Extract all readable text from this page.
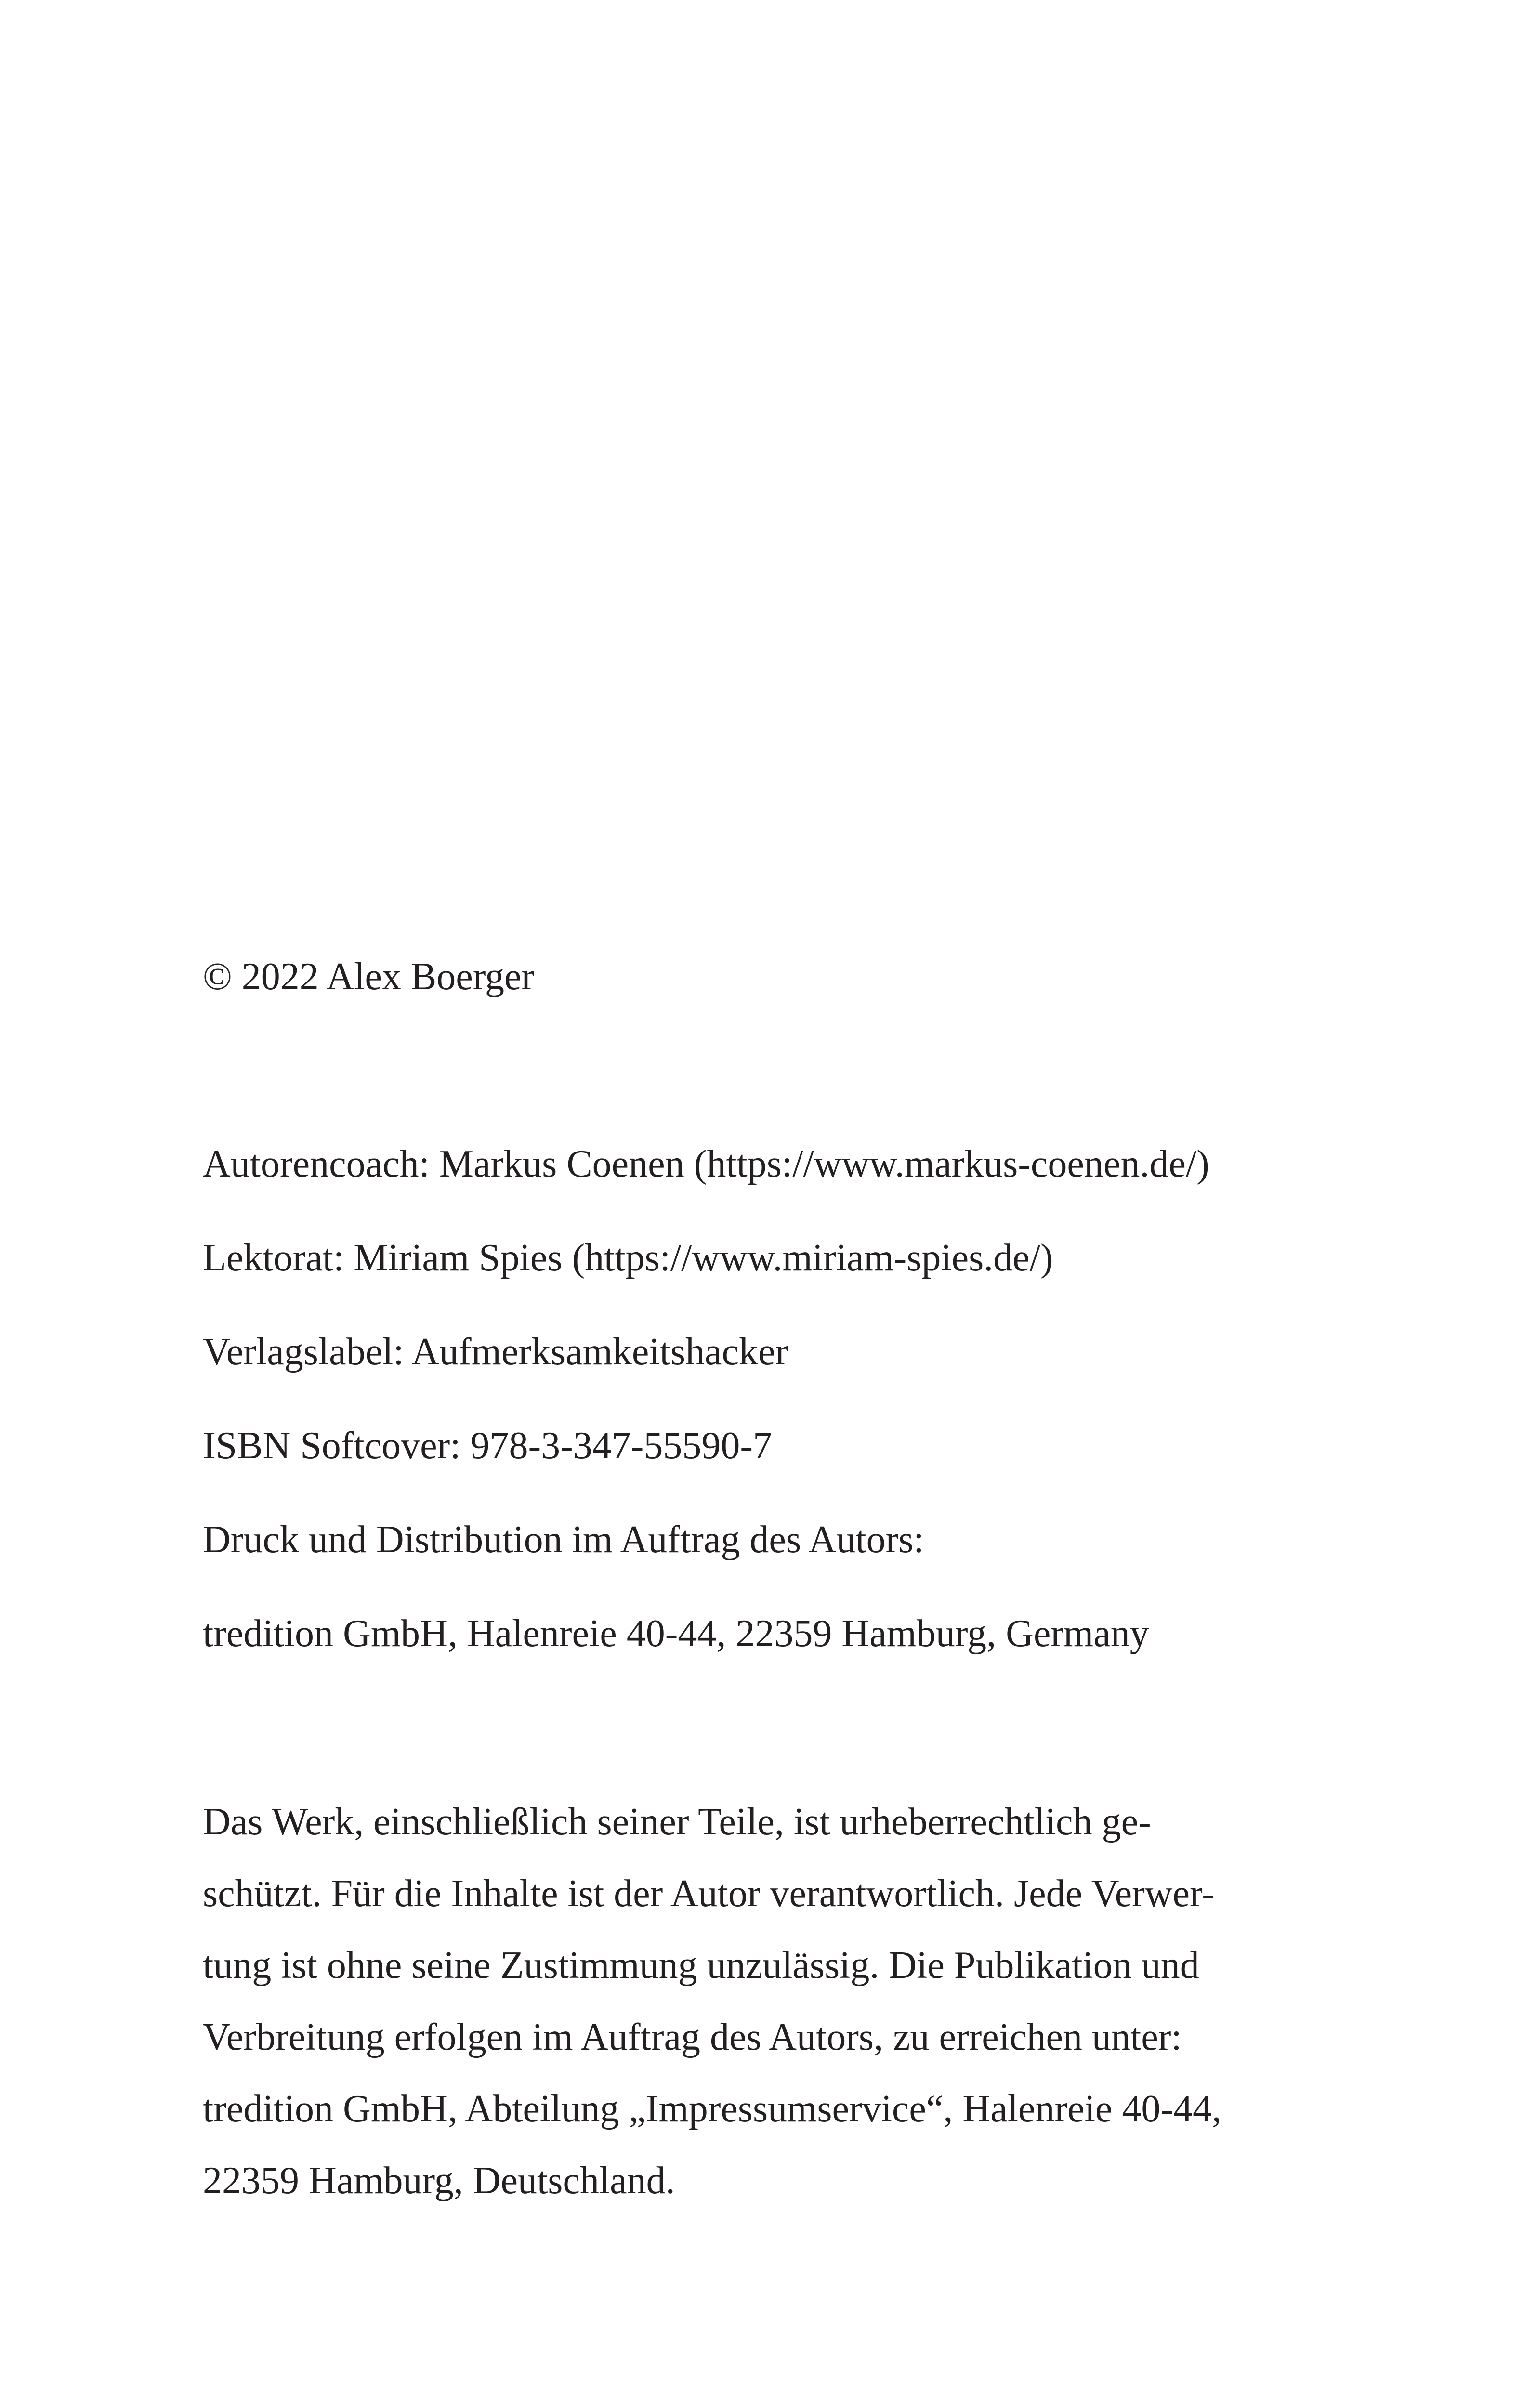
© 2022 Alex Boerger
Autorencoach: Markus Coenen (https://www.markus-coenen.de/)
Lektorat: Miriam Spies (https://www.miriam-spies.de/)
Verlagslabel: Aufmerksamkeitshacker
ISBN Softcover: 978-3-347-55590-7
Druck und Distribution im Auftrag des Autors:
tredition GmbH, Halenreie 40-44, 22359 Hamburg, Germany
Das Werk, einschließlich seiner Teile, ist urheberrechtlich ge-
schützt. Für die Inhalte ist der Autor verantwortlich. Jede Verwer-
tung ist ohne seine Zustimmung unzulässig. Die Publikation und
Verbreitung erfolgen im Auftrag des Autors, zu erreichen unter:
tredition GmbH, Abteilung „Impressumservice“, Halenreie 40-44,
22359 Hamburg, Deutschland.
